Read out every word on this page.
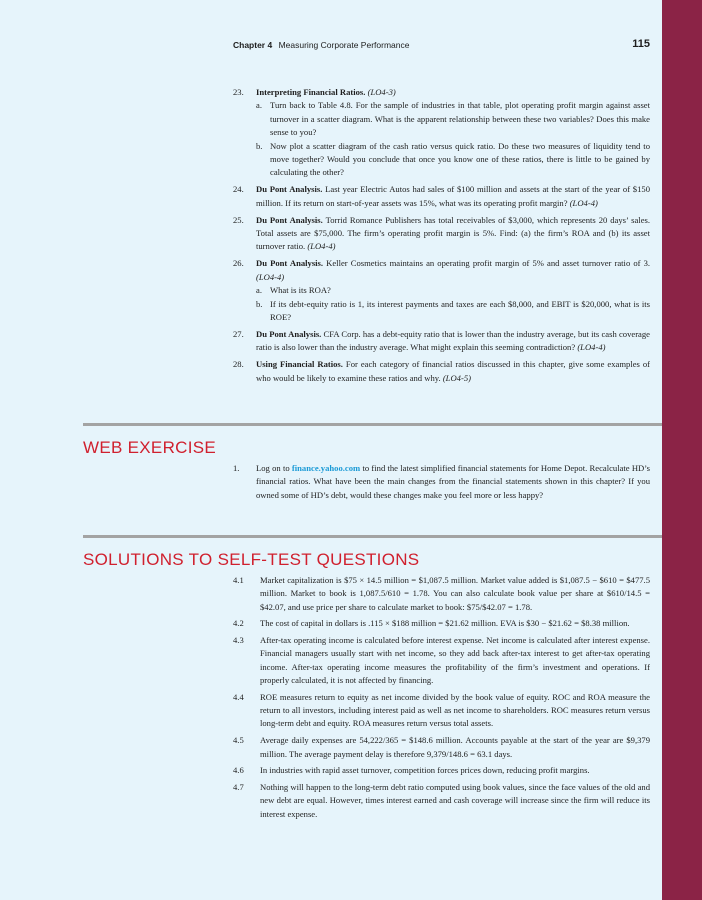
Chapter 4 Measuring Corporate Performance	115
23. Interpreting Financial Ratios. (LO4-3)
a. Turn back to Table 4.8. For the sample of industries in that table, plot operating profit margin against asset turnover in a scatter diagram. What is the apparent relationship between these two variables? Does this make sense to you?
b. Now plot a scatter diagram of the cash ratio versus quick ratio. Do these two measures of liquidity tend to move together? Would you conclude that once you know one of these ratios, there is little to be gained by calculating the other?
24. Du Pont Analysis. Last year Electric Autos had sales of $100 million and assets at the start of the year of $150 million. If its return on start-of-year assets was 15%, what was its operating profit margin? (LO4-4)
25. Du Pont Analysis. Torrid Romance Publishers has total receivables of $3,000, which represents 20 days’ sales. Total assets are $75,000. The firm’s operating profit margin is 5%. Find: (a) the firm’s ROA and (b) its asset turnover ratio. (LO4-4)
26. Du Pont Analysis. Keller Cosmetics maintains an operating profit margin of 5% and asset turnover ratio of 3. (LO4-4)
a. What is its ROA?
b. If its debt-equity ratio is 1, its interest payments and taxes are each $8,000, and EBIT is $20,000, what is its ROE?
27. Du Pont Analysis. CFA Corp. has a debt-equity ratio that is lower than the industry average, but its cash coverage ratio is also lower than the industry average. What might explain this seeming contradiction? (LO4-4)
28. Using Financial Ratios. For each category of financial ratios discussed in this chapter, give some examples of who would be likely to examine these ratios and why. (LO4-5)
WEB EXERCISE
1. Log on to finance.yahoo.com to find the latest simplified financial statements for Home Depot. Recalculate HD’s financial ratios. What have been the main changes from the financial statements shown in this chapter? If you owned some of HD’s debt, would these changes make you feel more or less happy?
SOLUTIONS TO SELF-TEST QUESTIONS
4.1 Market capitalization is $75 × 14.5 million = $1,087.5 million. Market value added is $1,087.5 − $610 = $477.5 million. Market to book is 1,087.5/610 = 1.78. You can also calculate book value per share at $610/14.5 = $42.07, and use price per share to calculate market to book: $75/$42.07 = 1.78.
4.2 The cost of capital in dollars is .115 × $188 million = $21.62 million. EVA is $30 − $21.62 = $8.38 million.
4.3 After-tax operating income is calculated before interest expense. Net income is calculated after interest expense. Financial managers usually start with net income, so they add back after-tax interest to get after-tax operating income. After-tax operating income measures the profitability of the firm’s investment and operations. If properly calculated, it is not affected by financing.
4.4 ROE measures return to equity as net income divided by the book value of equity. ROC and ROA measure the return to all investors, including interest paid as well as net income to shareholders. ROC measures return versus long-term debt and equity. ROA measures return versus total assets.
4.5 Average daily expenses are 54,222/365 = $148.6 million. Accounts payable at the start of the year are $9,379 million. The average payment delay is therefore 9,379/148.6 = 63.1 days.
4.6 In industries with rapid asset turnover, competition forces prices down, reducing profit margins.
4.7 Nothing will happen to the long-term debt ratio computed using book values, since the face values of the old and new debt are equal. However, times interest earned and cash coverage will increase since the firm will reduce its interest expense.
